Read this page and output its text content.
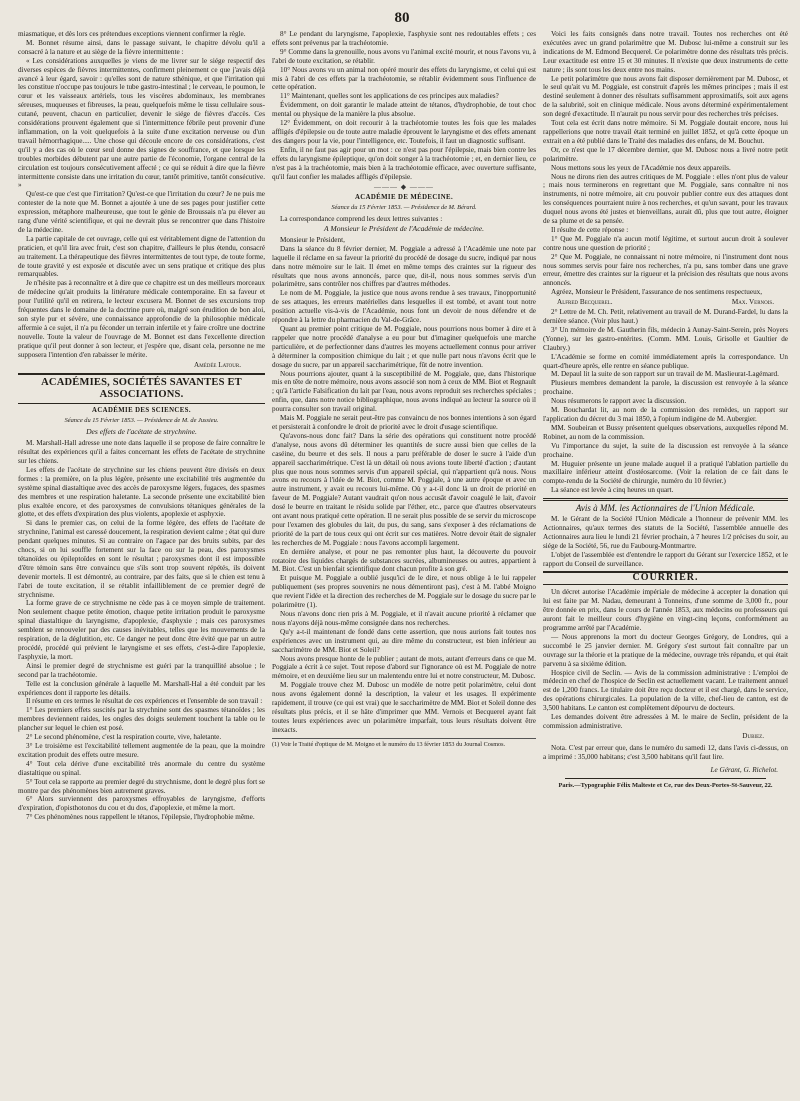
80

miasmatique, et dès lors ces prétendues exceptions viennent confirmer la règle.

M. Bonnet résume ainsi, dans le passage suivant, le chapitre dévolu qu'il a consacré à la nature et au siège de la fièvre intermittente :

« Les considérations auxquelles je viens de me livrer sur le siége respectif des diverses espèces de fièvres intermittentes, confirment pleinement ce que j'avais déjà avancé à leur égard, savoir : qu'elles sont de nature sthénique, et que l'irritation qui les constitue n'occupe pas toujours le tube gastro-intestinal ; le cerveau, le poumon, le cœur et les vaisseaux artériels, tous les viscères abdominaux, les membranes séreuses, muqueuses et fibreuses, la peau, quelquefois même le tissu cellulaire sous-cutané, peuvent, chacun en particulier, devenir le siége de fièvres d'accès. Ces considérations prouvent également que si l'intermittence fébrile peut provenir d'une inflammation, on la voit quelquefois à la suite d'une excitation nerveuse ou d'un travail hémorrhagique..... Une chose qui découle encore de ces considérations, c'est qu'il y a des cas où le cœur seul donne des signes de souffrance, et que lorsque les troubles morbides débutent par une autre partie de l'économie, l'organe central de la circulation est toujours consécutivement affecté ; ce qui se réduit à dire que la fièvre intermittente consiste dans une irritation du cœur, tantôt primitive, tantôt consécutive. »

Qu'est-ce que c'est que l'irritation? Qu'est-ce que l'irritation du cœur? Je ne puis me contester de la note que M. Bonnet a ajoutée à une de ses pages pour justifier cette expression, métaphore malheureuse, que tout le génie de Broussais n'a pu élever au rang d'une vérité scientifique, et qui ne devrait plus se rencontrer que dans l'histoire de la médecine.

La partie capitale de cet ouvrage, celle qui est véritablement digne de l'attention du praticien, et qu'il lira avec fruit, c'est son chapitre, d'ailleurs le plus étendu, consacré au traitement. La thérapeutique des fièvres intermittentes de tout type, de toute forme, de toute gravité y est exposée et discutée avec un sens pratique et critique des plus remarquables.

Je n'hésite pas à reconnaître et à dire que ce chapitre est un des meilleurs morceaux de médecine qu'ait produits la littérature médicale contemporaine. En sa faveur et pour l'utilité qu'il en retirera, le lecteur excusera M. Bonnet de ses excursions trop fréquentes dans le domaine de la doctrine pure où, malgré son érudition de bon aloi, son style pur et sévère, une connaissance approfondie de la philosophie médicale affermie à ce sujet, il n'a pu féconder un terrain infertile et y faire croître une doctrine nouvelle. Toute la valeur de l'ouvrage de M. Bonnet est dans l'excellente direction pratique qu'il peut donner à son lecteur, et j'espère que, disant cela, personne ne me supposera l'intention d'en rabaisser le mérite.

Amédée Latour.
ACADÉMIES, SOCIÉTÉS SAVANTES ET ASSOCIATIONS.
ACADÉMIE DES SCIENCES.
Séance du 15 Février 1853. — Présidence de M. de Jussieu.
Des effets de l'acétate de strychnine.

M. Marshall-Hall adresse une note dans laquelle il se propose de faire connaître le résultat des expériences qu'il a faites concernant les effets de l'acétate de strychnine sur les chiens.

Les effets de l'acétate de strychnine sur les chiens peuvent être divisés en deux formes : la première, on la plus légère, présente une excitabilité très augmentée du système spinal diastaltique avec des accès de paroxysme légers, fugaces, des spasmes des membres et une respiration haletante. La seconde présente une excitabilité bien plus exaltée encore, et des paroxysmes de convulsions tétaniques générales de la glotte, et des effets d'expiration des plus violents, apoplexie et asphyxie.

Si dans le premier cas, on celui de la forme légère, des effets de l'acétate de strychnine, l'animal est caressé doucement, la respiration devient calme ; état qui dure pendant quelques minutes. Si au contraire on l'agace par des bruits subits, par des chocs, si on lui souffle fortement sur la face ou sur la peau, des paroxysmes tétanoïdes ou épileptoïdes en sont le résultat ; paroxysmes dont il est impossible d'être témoin sans être convaincu que s'ils sont trop souvent répétés, ils doivent devenir mortels. Il est démontré, au contraire, par des faits, que si le chien est tenu à l'abri de toute excitation, il se rétablit infailliblement de ce premier degré de strychnisme.

La forme grave de ce strychnisme ne cède pas à ce moyen simple de traitement. Non seulement chaque petite émotion, chaque petite irritation produit le paroxysme spinal diastaltique du laryngisme, d'apoplexie, d'asphyxie ; mais ces paroxysmes semblent se renouveler par des causes inévitables, telles que les mouvements de la respiration, de la déglutition, etc. Ce danger ne peut donc être évité que par un autre procédé, procédé qui prévient le laryngisme et ses effets, c'est-à-dire l'apoplexie, l'asphyxie, la mort.

Ainsi le premier degré de strychnisme est guéri par la tranquillité absolue ; le second par la trachéotomie.

Telle est la conclusion générale à laquelle M. Marshall-Hal a été conduit par les expériences dont il rapporte les détails.

Il résume en ces termes le résultat de ces expériences et l'ensemble de son travail :

1° Les premiers effets suscités par la strychnine sont des spasmes tétanoïdes ; les membres deviennent raides, les ongles des doigts seulement touchent la table ou le plancher sur lequel le chien est posé.

2° Le second phénomène, c'est la respiration courte, vive, haletante.

3° Le troisième est l'excitabilité tellement augmentée de la peau, que la moindre excitation produit des effets outre mesure.

4° Tout cela dérive d'une excitabilité très anormale du centre du système diastaltique ou spinal.

5° Tout cela se rapporte au premier degré du strychnisme, dont le degré plus fort se montre par des phénomènes bien autrement graves.

6° Alors surviennent des paroxysmes effroyables de laryngisme, d'efforts d'expiration, d'opisthotonos du cou et du dos, d'apoplexie, et même la mort.

7° Ces phénomènes nous rappellent le tétanos, l'épilepsie, l'hydrophobie même.

8° Le pendant du laryngisme, l'apoplexie, l'asphyxie sont nes redoutables effets ; ces effets sont prévenus par la trachéotomie.

9° Comme dans la grenouille, nous avons vu l'animal excité mourir, et nous l'avons vu, à l'abri de toute excitation, se rétablir.

10° Nous avons vu un animal non opéré mourir des effets du laryngisme, et celui qui est mis à l'abri de ces effets par la trachéotomie, se rétablir évidemment sous l'influence de cette opération.

11° Maintenant, quelles sont les applications de ces principes aux maladies?

Évidemment, on doit garantir le malade atteint de tétanos, d'hydrophobie, de tout choc mental ou physique de la manière la plus absolue.

12° Évidemment, on doit recourir à la trachéotomie toutes les fois que les malades affligés d'épilepsie ou de toute autre maladie éprouvent le laryngisme et des effets amenant des dangers pour la vie, pour l'intelligence, etc. Toutefois, il faut un diagnostic suffisant.

Enfin, il ne faut pas agir pour un mot : ce n'est pas pour l'épilepsie, mais bien contre les effets du laryngisme épileptique, qu'on doit songer à la trachéotomie ; et, en dernier lieu, ce n'est pas à la trachéotomie, mais bien à la trachéotomie efficace, avec ouverture suffisante, qu'il faut confier les malades affligés d'épilepsie.

——— ◆ ———
ACADÉMIE DE MÉDECINE.
Séance du 15 Février 1853. — Présidence de M. Bérard.

La correspondance comprend les deux lettres suivantes :

A Monsieur le Président de l'Académie de médecine.

Monsieur le Président,

Dans la séance du 8 février dernier, M. Poggiale a adressé à l'Académie une note par laquelle il réclame en sa faveur la priorité du procédé de dosage du sucre, indiqué par nous dans notre mémoire sur le lait. Il émet en même temps des craintes sur la rigueur des résultats que nous avons annoncés, parce que, dit-il, nous nous sommes servis d'un polarimètre, sans contrôler nos chiffres par d'autres méthodes.

Le nom de M. Poggiale, la justice que nous avons rendue à ses travaux, l'inopportunité de ses attaques, les erreurs matérielles dans lesquelles il est tombé, et avant tout notre position actuelle vis-à-vis de l'Académie, nous font un devoir de nous défendre et de répondre à la lettre du pharmacien du Val-de-Grâce.

Quant au premier point critique de M. Poggiale, nous pourrions nous borner à dire et à rappeler que notre procédé d'analyse a eu pour but d'imaginer quelquefois une marche particulière, et de perfectionner dans d'autres les moyens actuellement connus pour arriver à déterminer la composition chimique du lait ; et que nulle part nous n'avons écrit que le dosage du sucre, par un appareil saccharimétrique, fût de notre invention.

Nous pourrions ajouter, quant à la susceptibilité de M. Poggiale, que, dans l'historique mis en tête de notre mémoire, nous avons associé son nom à ceux de MM. Biot et Regnault ; qu'à l'article Falsification du lait par l'eau, nous avons reproduit ses recherches spéciales ; enfin, que, dans notre notice bibliographique, nous avons indiqué au lecteur la source où il pourra consulter son travail original.

Mais M. Poggiale ne serait peut-être pas convaincu de nos bonnes intentions à son égard et persisterait à confondre le droit de priorité avec le droit d'usage scientifique.

Qu'avons-nous donc fait? Dans la série des opérations qui constituent notre procédé d'analyse, nous avons dû déterminer les quantités de sucre aussi bien que celles de la caséine, du beurre et des sels. Il nous a paru préférable de doser le sucre à l'aide d'un appareil saccharimétrique. C'est là un détail où nous avions toute liberté d'action ; d'autant plus que nous nous sommes servis d'un appareil spécial, qui n'appartient qu'à nous. Nous avons eu recours à l'idée de M. Biot, comme M. Poggiale, à une autre époque et avec un autre instrument, y avait eu recours lui-même. Où y a-t-il donc là un droit de priorité en faveur de M. Poggiale? Autant vaudrait qu'on nous accusât d'avoir coagulé le lait, d'avoir dosé le beurre en traitant le résidu solide par l'éther, etc., parce que d'autres observateurs ont avant nous pratiqué cette opération. Il ne serait plus possible de se servir du microscope pour l'examen des globules du lait, du pus, du sang, sans s'exposer à des réclamations de priorité de la part de tous ceux qui ont écrit sur ces matières. Notre devoir était de signaler les recherches de M. Poggiale : nous l'avons accompli largement.

En dernière analyse, et pour ne pas remonter plus haut, la découverte du pouvoir rotatoire des liquides chargés de substances sucrées, albumineuses ou autres, appartient à M. Biot. C'est un bienfait scientifique dont chacun profite à son gré.

Et puisque M. Poggiale a oublié jusqu'ici de le dire, et nous oblige à le lui rappeler publiquement (ses propres souvenirs ne nous démentiront pas), c'est à M. l'abbé Moigno que revient l'idée et la direction des recherches de M. Poggiale sur le dosage du sucre par le polarimètre (1).

Nous n'avons donc rien pris à M. Poggiale, et il n'avait aucune priorité à réclamer que nous n'ayons déjà nous-même consignée dans nos recherches.

Qu'y a-t-il maintenant de fondé dans cette assertion, que nous aurions fait toutes nos expériences avec un instrument qui, au dire même du constructeur, est bien inférieur au saccharimètre de MM. Biot et Soleil?

Nous avons presque honte de le publier ; autant de mots, autant d'erreurs dans ce que M. Poggiale a écrit à ce sujet. Tout repose d'abord sur l'ignorance où est M. Poggiale de notre mémoire, et en deuxième lieu sur un malentendu entre lui et notre constructeur, M. Dubosc.

M. Poggiale trouve chez M. Dubosc un modèle de notre petit polarimètre, celui dont nous avons également donné la description, la valeur et les usages. Il expérimente rapidement, il trouve (ce qui est vrai) que le saccharimètre de MM. Biot et Soleil donne des résultats plus précis, et il se hâte d'imprimer que MM. Vernois et Becquerel ayant fait toutes leurs expériences avec un polarimètre imparfait, tous leurs résultats doivent être inexacts.

(1) Voir le Traité d'optique de M. Moigno et le numéro du 13 février 1853 du Journal Cosmos.

Voici les faits consignés dans notre travail. Toutes nos recherches ont été exécutées avec un grand polarimètre que M. Dubosc lui-même a construit sur les indications de M. Edmond Becquerel. Ce polarimètre donne des résultats très précis. Leur exactitude est entre 15 et 30 minutes. Il n'existe que deux instruments de cette nature ; ils sont tous les deux entre nos mains.

Le petit polarimètre que nous avons fait disposer dernièrement par M. Dubosc, et le seul qu'ait vu M. Poggiale, est construit d'après les mêmes principes ; mais il est destiné seulement à donner des résultats suffisamment approximatifs, soit aux agens de la salubrité, soit en clinique médicale. Nous avons déterminé expérimentalement son degré d'exactitude. Il n'aurait pu nous servir pour des recherches très précises.

Tout cela est écrit dans notre mémoire. Si M. Poggiale doutait encore, nous lui rappellerions que notre travail était terminé en juillet 1852, et qu'à cette époque un extrait en a été publié dans le Traité des maladies des enfans, de M. Bouchut.

Or, ce n'est que le 17 décembre dernier, que M. Dubosc nous a livré notre petit polarimètre.

Nous mettons sous les yeux de l'Académie nos deux appareils.

Nous ne dirons rien des autres critiques de M. Poggiale : elles n'ont plus de valeur ; mais nous terminerons en regrettant que M. Poggiale, sans connaître ni nos instruments, ni notre mémoire, ait cru pouvoir publier contre eux des attaques dont les conséquences pourraient nuire à nos recherches, et qu'un savant, pour les travaux duquel nous avons été justes et bienveillans, aurait dû, plus que tout autre, éloigner de sa plume et de sa pensée.

Il résulte de cette réponse :

1° Que M. Poggiale n'a aucun motif légitime, et surtout aucun droit à soulever contre nous une question de priorité ;

2° Que M. Poggiale, ne connaissant ni notre mémoire, ni l'instrument dont nous nous sommes servis pour faire nos recherches, n'a pu, sans tomber dans une grave erreur, émettre des craintes sur la rigueur et la précision des résultats que nous avons annoncés.

Agréez, Monsieur le Président, l'assurance de nos sentimens respectueux,

Alfred Becquerel.	Max. Vernois.

2° Lettre de M. Ch. Petit, relativement au travail de M. Durand-Fardel, lu dans la dernière séance. (Voir plus haut.)

3° Un mémoire de M. Gautherin fils, médecin à Aunay-Saint-Serein, près Noyers (Yonne), sur les gastro-entérites. (Comm. MM. Louis, Grisolle et Gaultier de Claubry.)

L'Académie se forme en comité immédiatement après la correspondance. Un quart-d'heure après, elle rentre en séance publique.

M. Depaul lit la suite de son rapport sur un travail de M. Maslieurat-Lagémard.

Plusieurs membres demandent la parole, la discussion est renvoyée à la séance prochaine.

Nous résumerons le rapport avec la discussion.

M. Bouchardat lit, au nom de la commission des remèdes, un rapport sur l'application du décret du 3 mai 1850, à l'opium indigène de M. Aubergier.

MM. Soubeiran et Bussy présentent quelques observations, auxquelles répond M. Robinet, au nom de la commission.

Vu l'importance du sujet, la suite de la discussion est renvoyée à la séance prochaine.

M. Huguier présente un jeune malade auquel il a pratiqué l'ablation partielle du maxillaire inférieur atteint d'ostéosarcome. (Voir la relation de ce fait dans le compte-rendu de la Société de chirurgie, numéro du 10 février.)

La séance est levée à cinq heures un quart.

Avis à MM. les Actionnaires de l'Union Médicale.

M. le Gérant de la Société l'Union Médicale a l'honneur de prévenir MM. les Actionnaires, qu'aux termes des statuts de la Société, l'assemblée annuelle des Actionnaires aura lieu le lundi 21 février prochain, à 7 heures 1/2 précises du soir, au siége de la Société, 56, rue du Faubourg-Montmartre.

L'objet de l'assemblée est d'entendre le rapport du Gérant sur l'exercice 1852, et le rapport du Conseil de surveillance.

COURRIER.

Un décret autorise l'Académie impériale de médecine à accepter la donation qui lui est faite par M. Nadau, demeurant à Tonneins, d'une somme de 3,000 fr., pour être donnée en prix, dans le cours de l'année 1853, aux médecins ou professeurs qui auront fait le meilleur cours d'hygiène en vingt-cinq leçons, conformément au programme arrêté par l'Académie.

— Nous apprenons la mort du docteur Georges Grégory, de Londres, qui a succombé le 25 janvier dernier. M. Grégory s'est surtout fait connaître par un ouvrage sur la théorie et la pratique de la médecine, ouvrage très répandu, et qui était parvenu à sa sixième édition.

Hospice civil de Seclin. — Avis de la commission administrative : L'emploi de médecin en chef de l'hospice de Seclin est actuellement vacant. Le traitement annuel est de 1,200 francs. Le titulaire doit être reçu docteur et il est chargé, dans le service, des opérations chirurgicales. La population de la ville, chef-lieu de canton, est de 3,500 habitans. Le canton est complètement dépourvu de docteurs.

Les demandes doivent être adressées à M. le maire de Seclin, président de la commission administrative.

Dubiez.

Nota. C'est par erreur que, dans le numéro du samedi 12, dans l'avis ci-dessus, on a imprimé : 35,000 habitans; c'est 3,500 habitans qu'il faut lire.

Le Gérant, G. Richelot.
Paris.—Typographie Félix Malteste et Ce, rue des Deux-Portes-St-Sauveur, 22.
